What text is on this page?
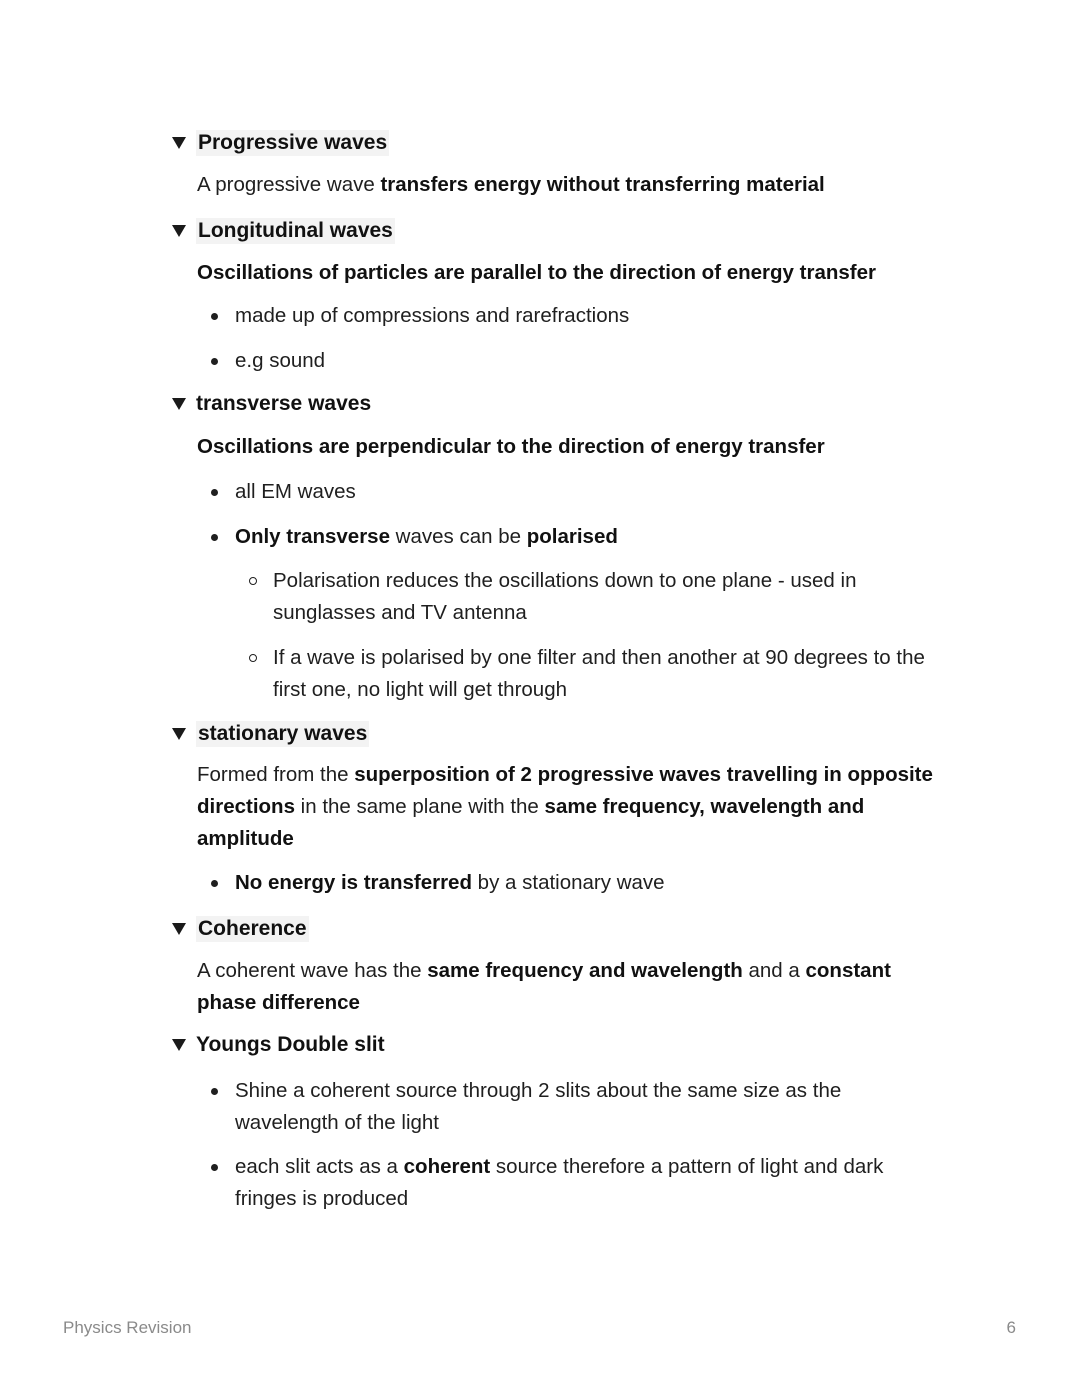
Progressive waves
A progressive wave transfers energy without transferring material
Longitudinal waves
Oscillations of particles are parallel to the direction of energy transfer
made up of compressions and rarefractions
e.g sound
transverse waves
Oscillations are perpendicular to the direction of energy transfer
all EM waves
Only transverse waves can be polarised
Polarisation reduces the oscillations down to one plane - used in sunglasses and TV antenna
If a wave is polarised by one filter and then another at 90 degrees to the first one, no light will get through
stationary waves
Formed from the superposition of 2 progressive waves travelling in opposite directions in the same plane with the same frequency, wavelength and amplitude
No energy is transferred by a stationary wave
Coherence
A coherent wave has the same frequency and wavelength and a constant phase difference
Youngs Double slit
Shine a coherent source through 2 slits about the same size as the wavelength of the light
each slit acts as a coherent source therefore a pattern of light and dark fringes is produced
Physics Revision	6
